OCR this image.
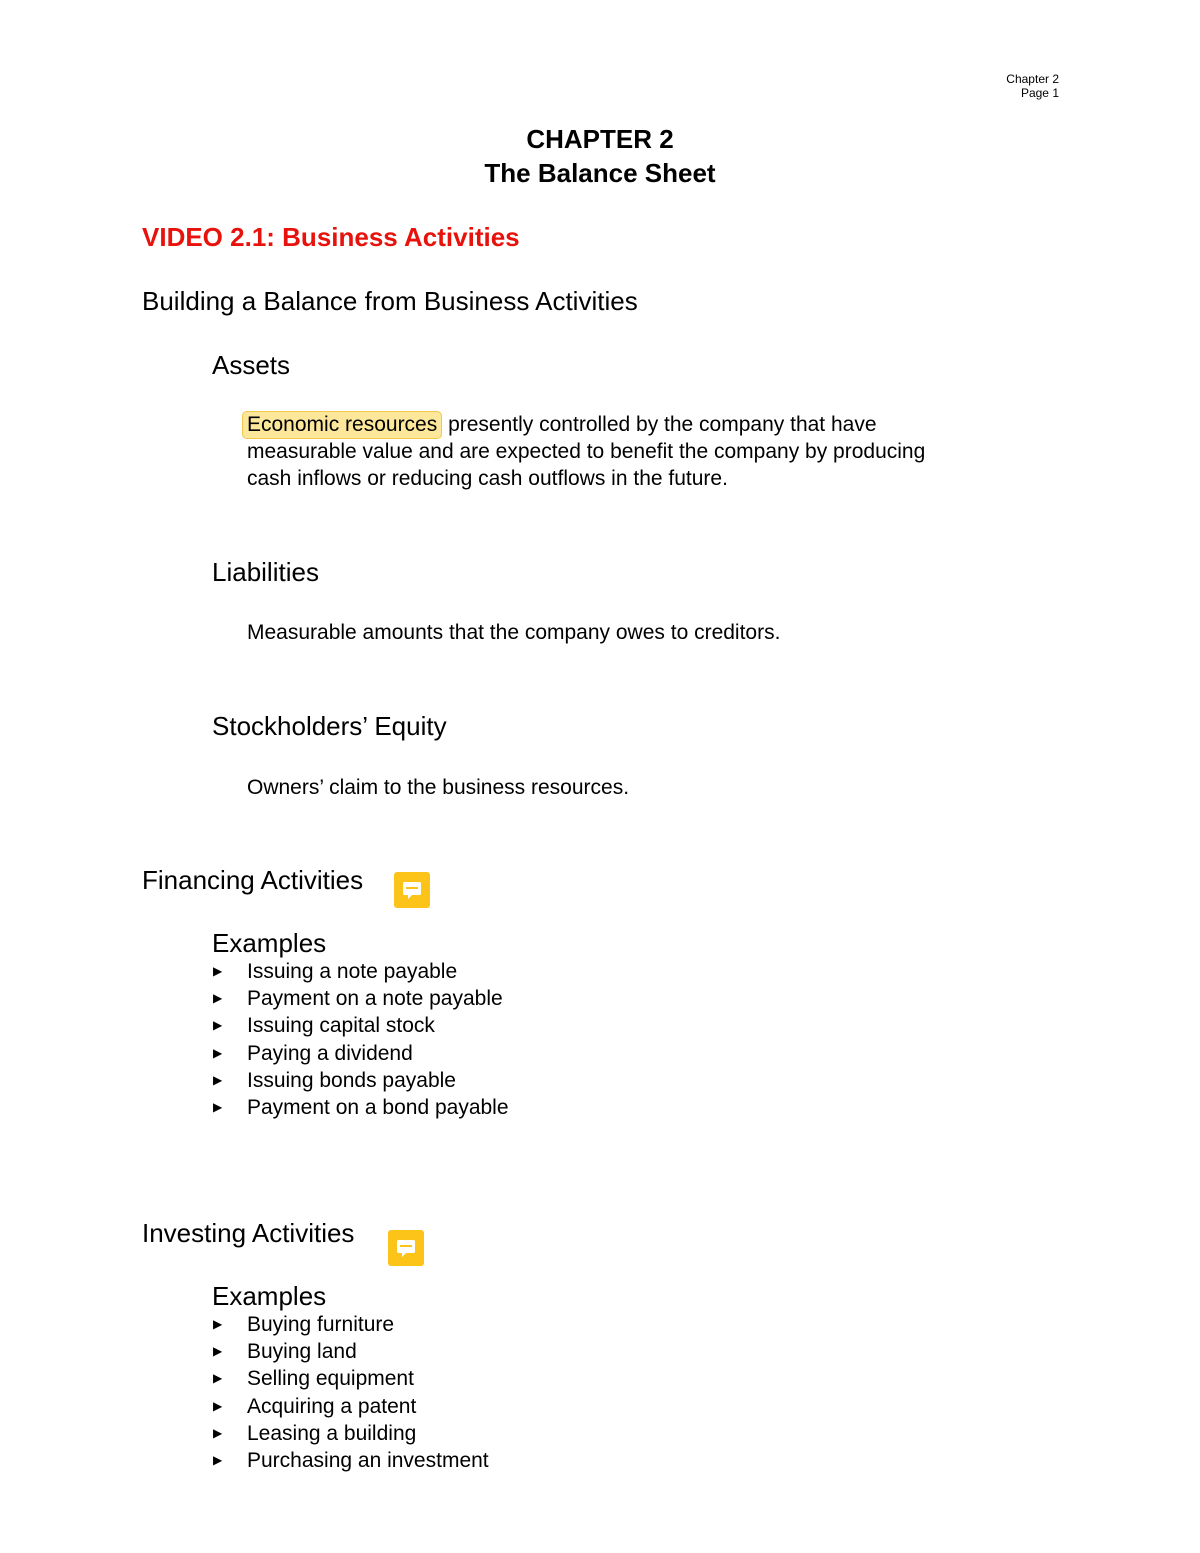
Chapter 2
Page 1
CHAPTER 2
The Balance Sheet
VIDEO 2.1: Business Activities
Building a Balance from Business Activities
Assets
Economic resources presently controlled by the company that have
measurable value and are expected to benefit the company by producing
cash inflows or reducing cash outflows in the future.
Liabilities
Measurable amounts that the company owes to creditors.
Stockholders’ Equity
Owners’ claim to the business resources.
Financing Activities
Examples
▶ Issuing a note payable
▶ Payment on a note payable
▶ Issuing capital stock
▶ Paying a dividend
▶ Issuing bonds payable
▶ Payment on a bond payable
Investing Activities
Examples
▶ Buying furniture
▶ Buying land
▶ Selling equipment
▶ Acquiring a patent
▶ Leasing a building
▶ Purchasing an investment
